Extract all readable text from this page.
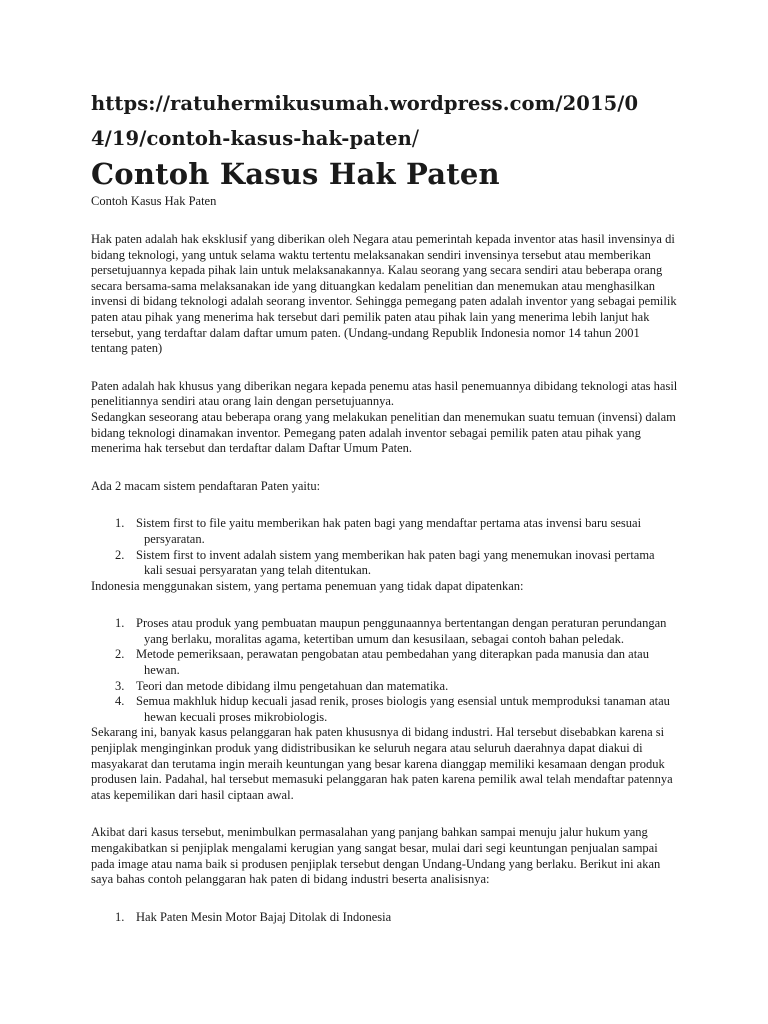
https://ratuhermikusumah.wordpress.com/2015/0
4/19/contoh-kasus-hak-paten/

Contoh Kasus Hak Paten

Contoh Kasus Hak Paten

Hak paten adalah hak eksklusif yang diberikan oleh Negara atau pemerintah kepada inventor atas hasil invensinya di bidang teknologi, yang untuk selama waktu tertentu melaksanakan sendiri invensinya tersebut atau memberikan persetujuannya kepada pihak lain untuk melaksanakannya. Kalau seorang yang secara sendiri atau beberapa orang secara bersama-sama melaksanakan ide yang dituangkan kedalam penelitian dan menemukan atau menghasilkan invensi di bidang teknologi adalah seorang inventor. Sehingga pemegang paten adalah inventor yang sebagai pemilik paten atau pihak yang menerima hak tersebut dari pemilik paten atau pihak lain yang menerima lebih lanjut hak tersebut, yang terdaftar dalam daftar umum paten. (Undang-undang Republik Indonesia nomor 14 tahun 2001 tentang paten)

Paten adalah hak khusus yang diberikan negara kepada penemu atas hasil penemuannya dibidang teknologi atas hasil penelitiannya sendiri atau orang lain dengan persetujuannya.

Sedangkan seseorang atau beberapa orang yang melakukan penelitian dan menemukan suatu temuan (invensi) dalam bidang teknologi dinamakan inventor. Pemegang paten adalah inventor sebagai pemilik paten atau pihak yang menerima hak tersebut dan terdaftar dalam Daftar Umum Paten.

Ada 2 macam sistem pendaftaran Paten yaitu:

1. Sistem first to file yaitu memberikan hak paten bagi yang mendaftar pertama atas invensi baru sesuai
persyaratan.
2. Sistem first to invent adalah sistem yang memberikan hak paten bagi yang menemukan inovasi pertama
kali sesuai persyaratan yang telah ditentukan.

Indonesia menggunakan sistem, yang pertama penemuan yang tidak dapat dipatenkan:

1. Proses atau produk yang pembuatan maupun penggunaannya bertentangan dengan peraturan perundangan
yang berlaku, moralitas agama, ketertiban umum dan kesusilaan, sebagai contoh bahan peledak.
2. Metode pemeriksaan, perawatan pengobatan atau pembedahan yang diterapkan pada manusia dan atau
hewan.
3. Teori dan metode dibidang ilmu pengetahuan dan matematika.
4. Semua makhluk hidup kecuali jasad renik, proses biologis yang esensial untuk memproduksi tanaman atau
hewan kecuali proses mikrobiologis.

Sekarang ini, banyak kasus pelanggaran hak paten khususnya di bidang industri. Hal tersebut disebabkan karena si penjiplak menginginkan produk yang didistribusikan ke seluruh negara atau seluruh daerahnya dapat diakui di masyakarat dan terutama ingin meraih keuntungan yang besar karena dianggap memiliki kesamaan dengan produk produsen lain. Padahal, hal tersebut memasuki pelanggaran hak paten karena pemilik awal telah mendaftar patennya atas kepemilikan dari hasil ciptaan awal.

Akibat dari kasus tersebut, menimbulkan permasalahan yang panjang bahkan sampai menuju jalur hukum yang mengakibatkan si penjiplak mengalami kerugian yang sangat besar, mulai dari segi keuntungan penjualan sampai pada image atau nama baik si produsen penjiplak tersebut dengan Undang-Undang yang berlaku. Berikut ini akan saya bahas contoh pelanggaran hak paten di bidang industri beserta analisisnya:

1. Hak Paten Mesin Motor Bajaj Ditolak di Indonesia
